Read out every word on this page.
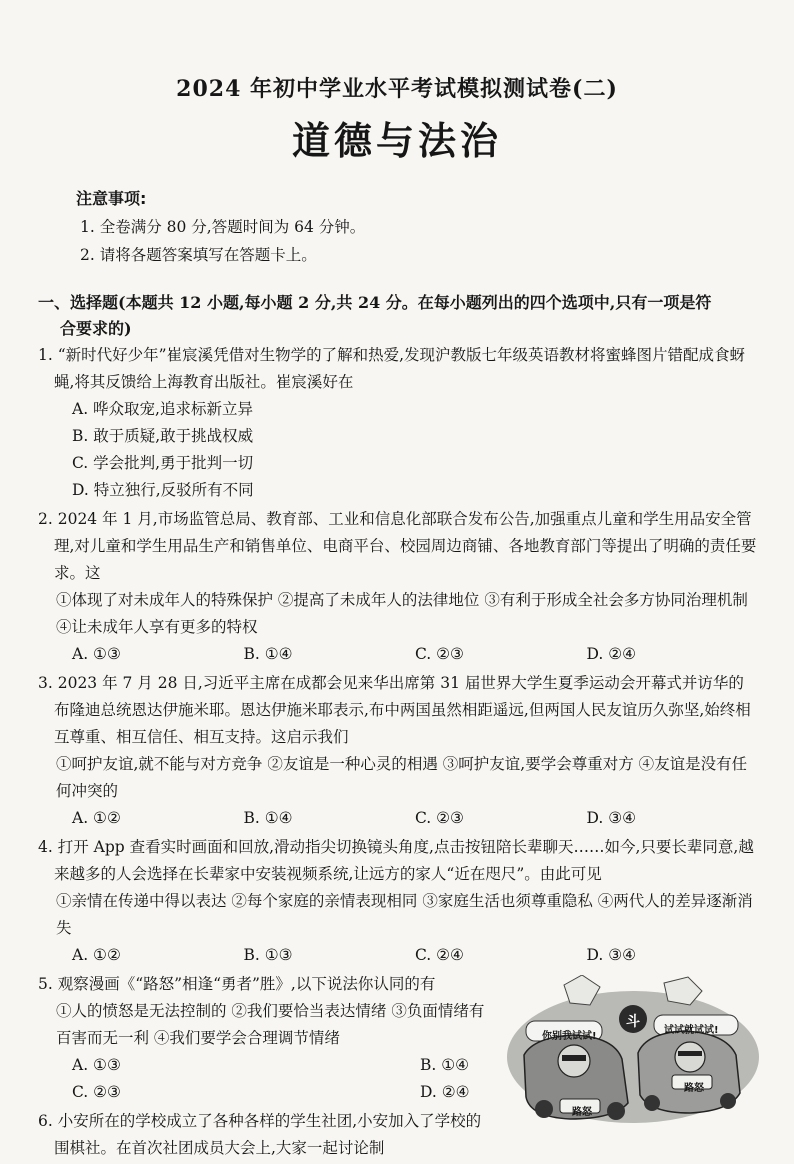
2024 年初中学业水平考试模拟测试卷(二)
道德与法治
注意事项:
1. 全卷满分 80 分,答题时间为 64 分钟。
2. 请将各题答案填写在答题卡上。
一、选择题(本题共 12 小题,每小题 2 分,共 24 分。在每小题列出的四个选项中,只有一项是符
合要求的)
1. “新时代好少年”崔宸溪凭借对生物学的了解和热爱,发现沪教版七年级英语教材将蜜蜂图片错配成食蚜蝇,将其反馈给上海教育出版社。崔宸溪好在
A. 哗众取宠,追求标新立异
B. 敢于质疑,敢于挑战权威
C. 学会批判,勇于批判一切
D. 特立独行,反驳所有不同
2. 2024 年 1 月,市场监管总局、教育部、工业和信息化部联合发布公告,加强重点儿童和学生用品安全管理,对儿童和学生用品生产和销售单位、电商平台、校园周边商铺、各地教育部门等提出了明确的责任要求。这
①体现了对未成年人的特殊保护 ②提高了未成年人的法律地位 ③有利于形成全社会多方协同治理机制 ④让未成年人享有更多的特权
A. ①③	B. ①④	C. ②③	D. ②④
3. 2023 年 7 月 28 日,习近平主席在成都会见来华出席第 31 届世界大学生夏季运动会开幕式并访华的布隆迪总统恩达伊施米耶。恩达伊施米耶表示,布中两国虽然相距遥远,但两国人民友谊历久弥坚,始终相互尊重、相互信任、相互支持。这启示我们
①呵护友谊,就不能与对方竞争 ②友谊是一种心灵的相遇 ③呵护友谊,要学会尊重对方 ④友谊是没有任何冲突的
A. ①②	B. ①④	C. ②③	D. ③④
4. 打开 App 查看实时画面和回放,滑动指尖切换镜头角度,点击按钮陪长辈聊天……如今,只要长辈同意,越来越多的人会选择在长辈家中安装视频系统,让远方的家人“近在咫尺”。由此可见
①亲情在传递中得以表达 ②每个家庭的亲情表现相同 ③家庭生活也须尊重隐私 ④两代人的差异逐渐消失
A. ①②	B. ①③	C. ②④	D. ③④
5. 观察漫画《“路怒”相逢“勇者”胜》,以下说法你认同的有
①人的愤怒是无法控制的 ②我们要恰当表达情绪 ③负面情绪有百害而无一利 ④我们要学会合理调节情绪
A. ①③	B. ①④
C. ②③	D. ②④
你别我试试!
斗
试试就试试!
路怒
路怒
6. 小安所在的学校成立了各种各样的学生社团,小安加入了学校的围棋社。在首次社团成员大会上,大家一起讨论制
